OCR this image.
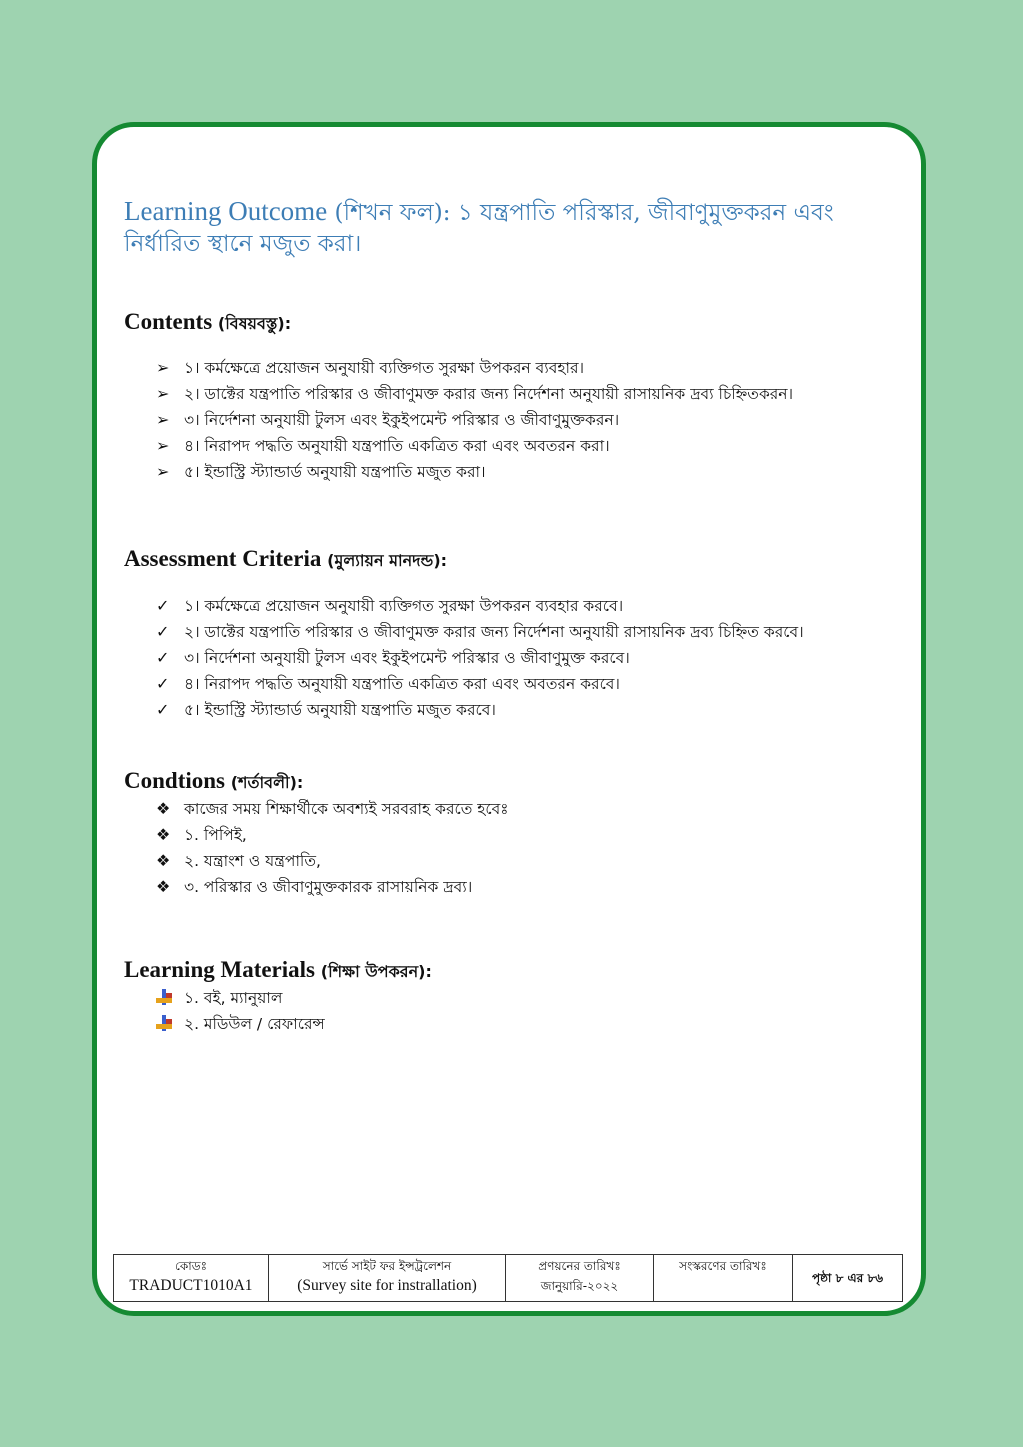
Learning Outcome (শিখন ফল): ১ যন্ত্রপাতি পরিস্কার, জীবাণুমুক্তকরন এবং নির্ধারিত স্থানে মজুত করা।
Contents (বিষয়বস্তু):
➢ ১। কর্মক্ষেত্রে প্রয়োজন অনুযায়ী ব্যক্তিগত সুরক্ষা উপকরন ব্যবহার।
➢ ২। ডাক্টের যন্ত্রপাতি পরিস্কার ও জীবাণুমক্ত করার জন্য নির্দেশনা অনুযায়ী রাসায়নিক দ্রব্য চিহ্নিতকরন।
➢ ৩। নির্দেশনা অনুযায়ী টুলস এবং ইকুইপমেন্ট পরিস্কার ও জীবাণুমুক্তকরন।
➢ ৪। নিরাপদ পদ্ধতি অনুযায়ী যন্ত্রপাতি একত্রিত করা এবং অবতরন করা।
➢ ৫। ইন্ডাস্ট্রি স্ট্যান্ডার্ড অনুযায়ী যন্ত্রপাতি মজুত করা।
Assessment Criteria (মুল্যায়ন মানদন্ড):
✓ ১। কর্মক্ষেত্রে প্রয়োজন অনুযায়ী ব্যক্তিগত সুরক্ষা উপকরন ব্যবহার করবে।
✓ ২। ডাক্টের যন্ত্রপাতি পরিস্কার ও জীবাণুমক্ত করার জন্য নির্দেশনা অনুযায়ী রাসায়নিক দ্রব্য চিহ্নিত করবে।
✓ ৩। নির্দেশনা অনুযায়ী টুলস এবং ইকুইপমেন্ট পরিস্কার ও জীবাণুমুক্ত করবে।
✓ ৪। নিরাপদ পদ্ধতি অনুযায়ী যন্ত্রপাতি একত্রিত করা এবং অবতরন করবে।
✓ ৫। ইন্ডাস্ট্রি স্ট্যান্ডার্ড অনুযায়ী যন্ত্রপাতি মজুত করবে।
Condtions (শর্তাবলী):
❖ কাজের সময় শিক্ষার্থীকে অবশ্যই সরবরাহ করতে হবেঃ
❖ ১. পিপিই,
❖ ২. যন্ত্রাংশ ও যন্ত্রপাতি,
❖ ৩. পরিস্কার ও জীবাণুমুক্তকারক রাসায়নিক দ্রব্য।
Learning Materials (শিক্ষা উপকরন):
১. বই, ম্যানুয়াল
২. মডিউল / রেফারেন্স
কোডঃ
TRADUCT1010A1

সার্ভে সাইট ফর ইন্সট্রলেশন
(Survey site for instrallation)

প্রণয়নের তারিখঃ
জানুয়ারি-২০২২

সংস্করণের তারিখঃ

পৃষ্ঠা ৮ এর ৮৬
